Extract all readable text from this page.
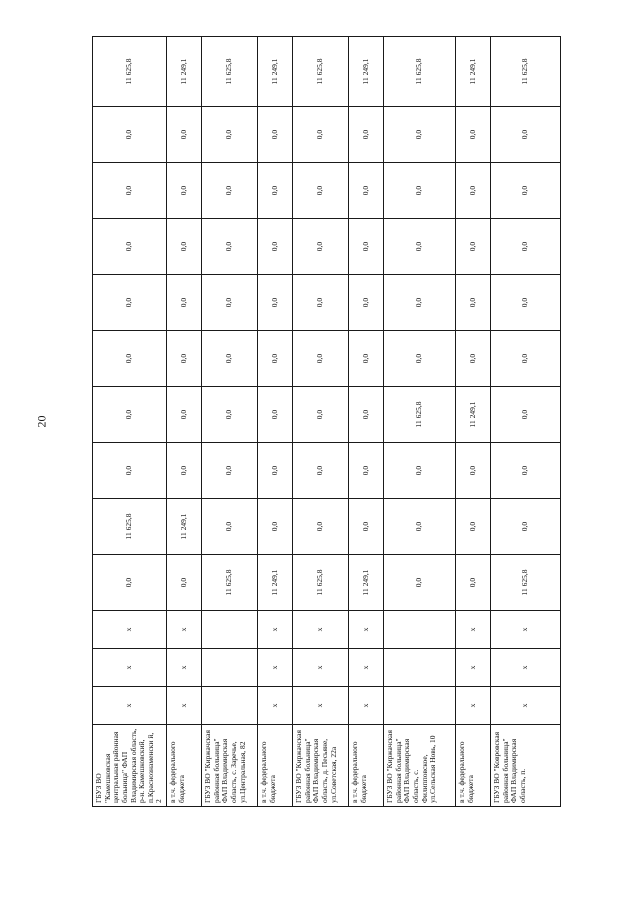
20
ГБУЗ ВО "Камешковская центральная районная больница" ФАП Владимирская область, р-н. Камешковский, п.Краснознаменски й, 2	х	х	х	0,0	11 625,8	0,0	0,0	0,0	0,0	0,0	0,0	0,0	11 625,8
в т.ч. федерального бюджета	х	х	х	0,0	11 249,1	0,0	0,0	0,0	0,0	0,0	0,0	0,0	11 249,1
ГБУЗ ВО "Киржачская районная больница" ФАП Владимирская область, с. Заречье, ул.Центральная, 82				11 625,8	0,0	0,0	0,0	0,0	0,0	0,0	0,0	0,0	11 625,8
в т.ч. федерального бюджета	х	х	х	11 249,1	0,0	0,0	0,0	0,0	0,0	0,0	0,0	0,0	11 249,1
ГБУЗ ВО "Киржачская районная больница" ФАП Владимирская область, д. Песьяне, ул.Советская, 22а	х	х	х	11 625,8	0,0	0,0	0,0	0,0	0,0	0,0	0,0	0,0	11 625,8
в т.ч. федерального бюджета	х	х	х	11 249,1	0,0	0,0	0,0	0,0	0,0	0,0	0,0	0,0	11 249,1
ГБУЗ ВО "Киржачская районная больница" ФАП Владимирская область, с. Филипповское, ул.Сельская Новь, 10				0,0	0,0	0,0	11 625,8	0,0	0,0	0,0	0,0	0,0	11 625,8
в т.ч. федерального бюджета	х	х	х	0,0	0,0	0,0	11 249,1	0,0	0,0	0,0	0,0	0,0	11 249,1
ГБУЗ ВО "Ковровская районная больница" ФАП Владимирская область, п.	х	х	х	11 625,8	0,0	0,0	0,0	0,0	0,0	0,0	0,0	0,0	11 625,8
